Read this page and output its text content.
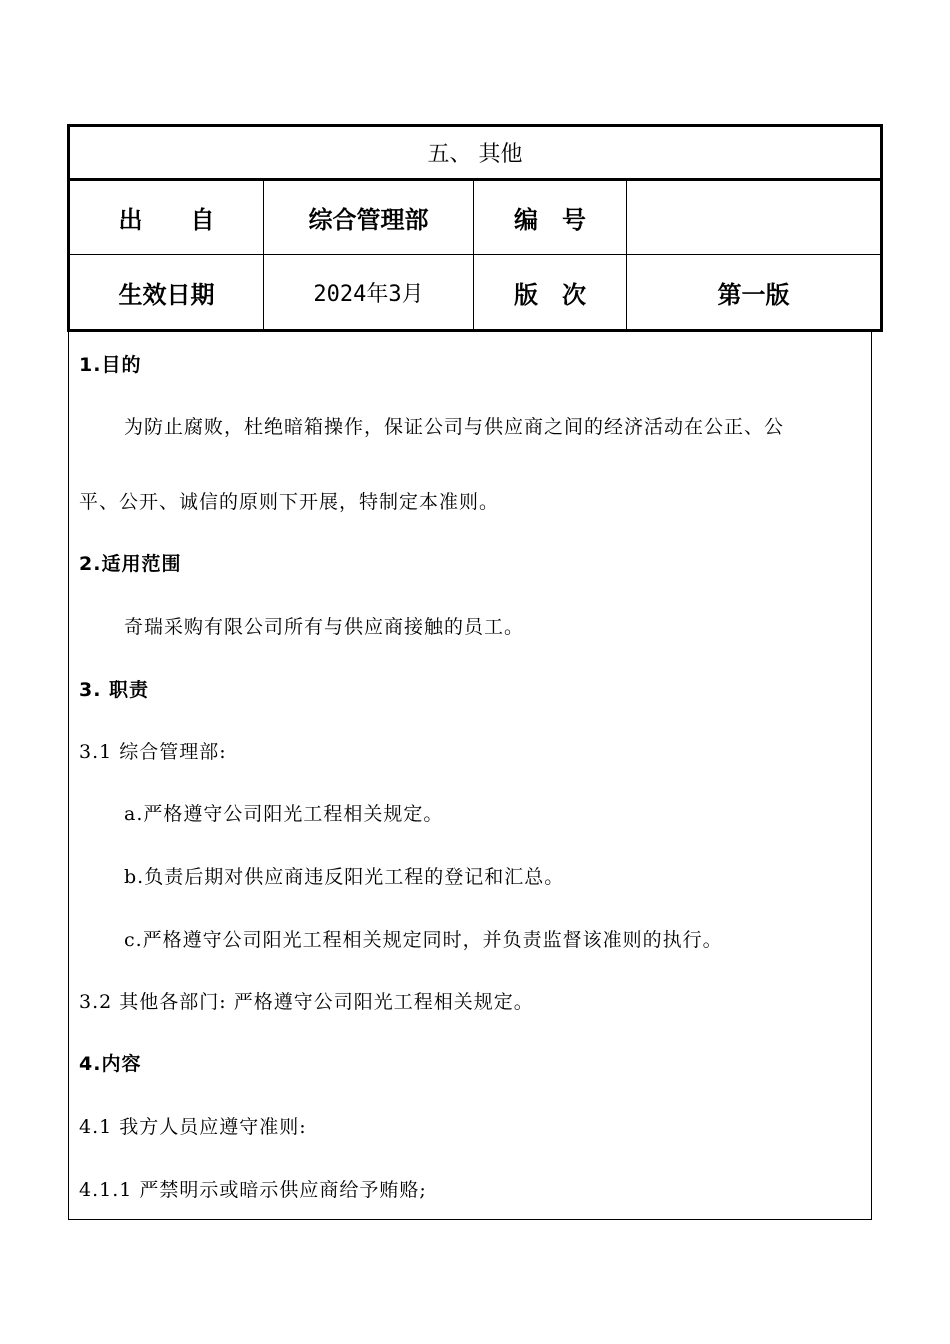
五、 其他
出　　自	综合管理部	编　号
生效日期	2024年3月	版　次	第一版
1.目的
为防止腐败，杜绝暗箱操作，保证公司与供应商之间的经济活动在公正、公
平、公开、诚信的原则下开展，特制定本准则。
2.适用范围
奇瑞采购有限公司所有与供应商接触的员工。
3. 职责
3.1 综合管理部:
a.严格遵守公司阳光工程相关规定。
b.负责后期对供应商违反阳光工程的登记和汇总。
c.严格遵守公司阳光工程相关规定同时，并负责监督该准则的执行。
3.2 其他各部门: 严格遵守公司阳光工程相关规定。
4.内容
4.1 我方人员应遵守准则:
4.1.1 严禁明示或暗示供应商给予贿赂;
